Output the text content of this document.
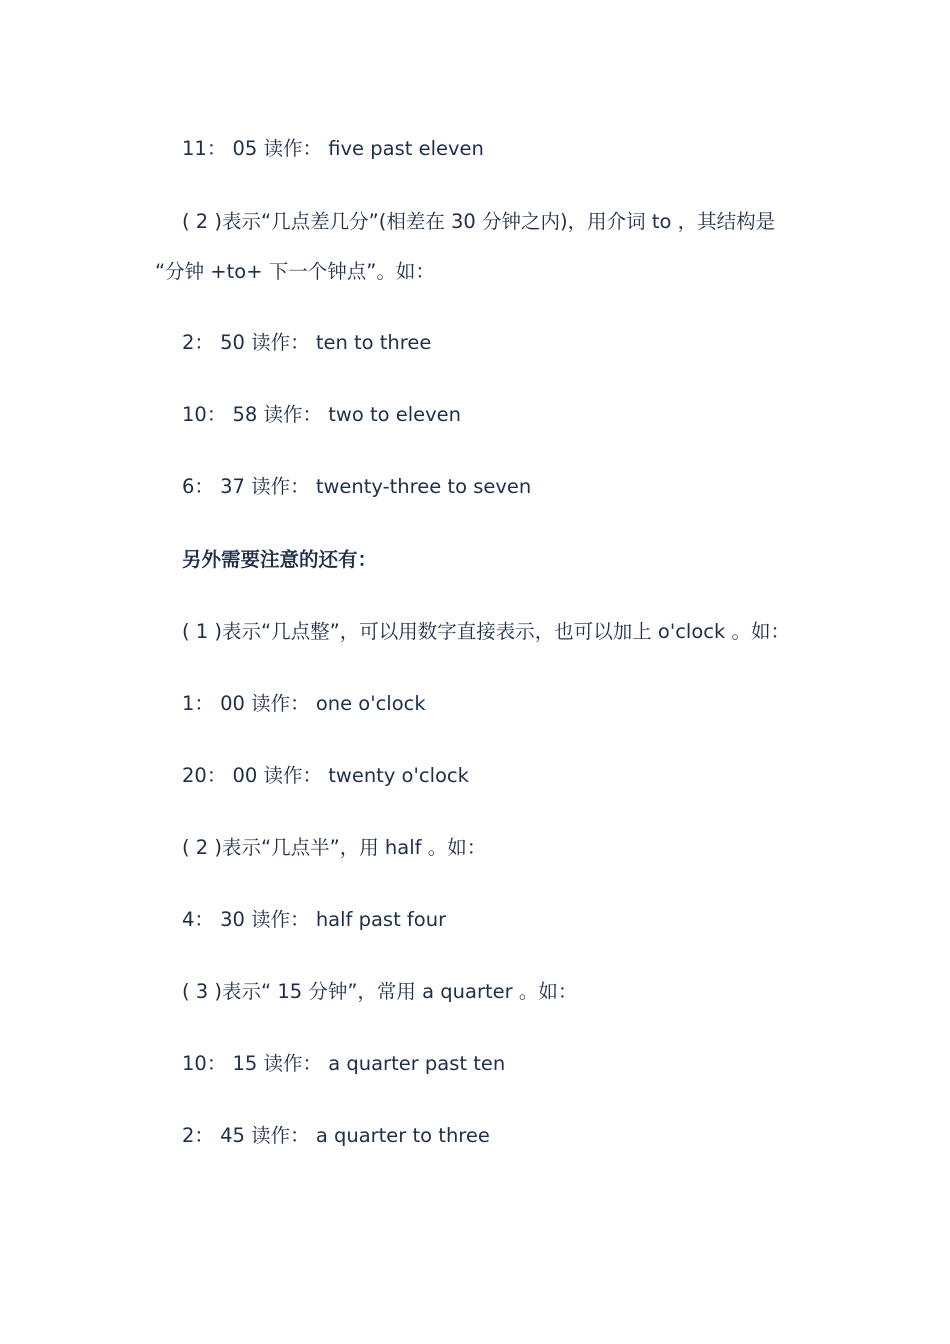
11： 05 读作： five past eleven
( 2 )表示“几点差几分”(相差在 30 分钟之内)，用介词 to ，其结构是
“分钟 +to+ 下一个钟点”。如：
2： 50 读作： ten to three
10： 58 读作： two to eleven
6： 37 读作： twenty-three to seven
另外需要注意的还有：
( 1 )表示“几点整”，可以用数字直接表示，也可以加上 o'clock 。如：
1： 00 读作： one o'clock
20： 00 读作： twenty o'clock
( 2 )表示“几点半”，用 half 。如：
4： 30 读作： half past four
( 3 )表示“ 15 分钟”，常用 a quarter 。如：
10： 15 读作： a quarter past ten
2： 45 读作： a quarter to three
